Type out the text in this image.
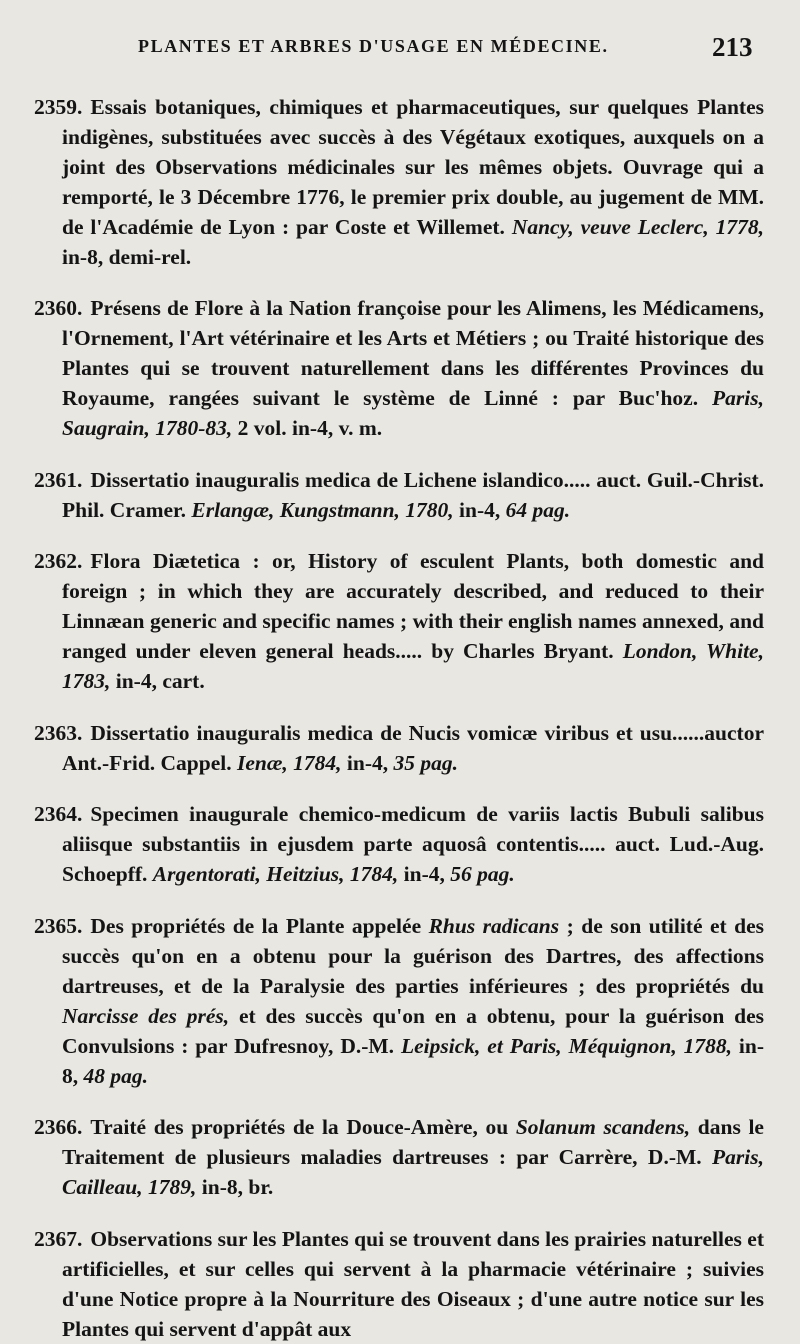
PLANTES ET ARBRES D'USAGE EN MÉDECINE.	213

2359. Essais botaniques, chimiques et pharmaceutiques, sur quelques Plantes indigènes, substituées avec succès à des Végétaux exotiques, auxquels on a joint des Observations médicinales sur les mêmes objets. Ouvrage qui a remporté, le 3 Décembre 1776, le premier prix double, au jugement de MM. de l'Académie de Lyon : par Coste et Willemet. Nancy, veuve Leclerc, 1778, in-8, demi-rel.

2360. Présens de Flore à la Nation françoise pour les Alimens, les Médicamens, l'Ornement, l'Art vétérinaire et les Arts et Métiers ; ou Traité historique des Plantes qui se trouvent naturellement dans les différentes Provinces du Royaume, rangées suivant le système de Linné : par Buc'hoz. Paris, Saugrain, 1780-83, 2 vol. in-4, v. m.

2361. Dissertatio inauguralis medica de Lichene islandico..... auct. Guil.-Christ. Phil. Cramer. Erlangæ, Kungstmann, 1780, in-4, 64 pag.

2362. Flora Diætetica : or, History of esculent Plants, both domestic and foreign ; in which they are accurately described, and reduced to their Linnæan generic and specific names ; with their english names annexed, and ranged under eleven general heads..... by Charles Bryant. London, White, 1783, in-4, cart.

2363. Dissertatio inauguralis medica de Nucis vomicæ viribus et usu......auctor Ant.-Frid. Cappel. Ienæ, 1784, in-4, 35 pag.

2364. Specimen inaugurale chemico-medicum de variis lactis Bubuli salibus aliisque substantiis in ejusdem parte aquosâ contentis..... auct. Lud.-Aug. Schoepff. Argentorati, Heitzius, 1784, in-4, 56 pag.

2365. Des propriétés de la Plante appelée Rhus radicans ; de son utilité et des succès qu'on en a obtenu pour la guérison des Dartres, des affections dartreuses, et de la Paralysie des parties inférieures ; des propriétés du Narcisse des prés, et des succès qu'on en a obtenu, pour la guérison des Convulsions : par Dufresnoy, D.-M. Leipsick, et Paris, Méquignon, 1788, in-8, 48 pag.

2366. Traité des propriétés de la Douce-Amère, ou Solanum scandens, dans le Traitement de plusieurs maladies dartreuses : par Carrère, D.-M. Paris, Cailleau, 1789, in-8, br.

2367. Observations sur les Plantes qui se trouvent dans les prairies naturelles et artificielles, et sur celles qui servent à la pharmacie vétérinaire ; suivies d'une Notice propre à la Nourriture des Oiseaux ; d'une autre notice sur les Plantes qui servent d'appât aux
